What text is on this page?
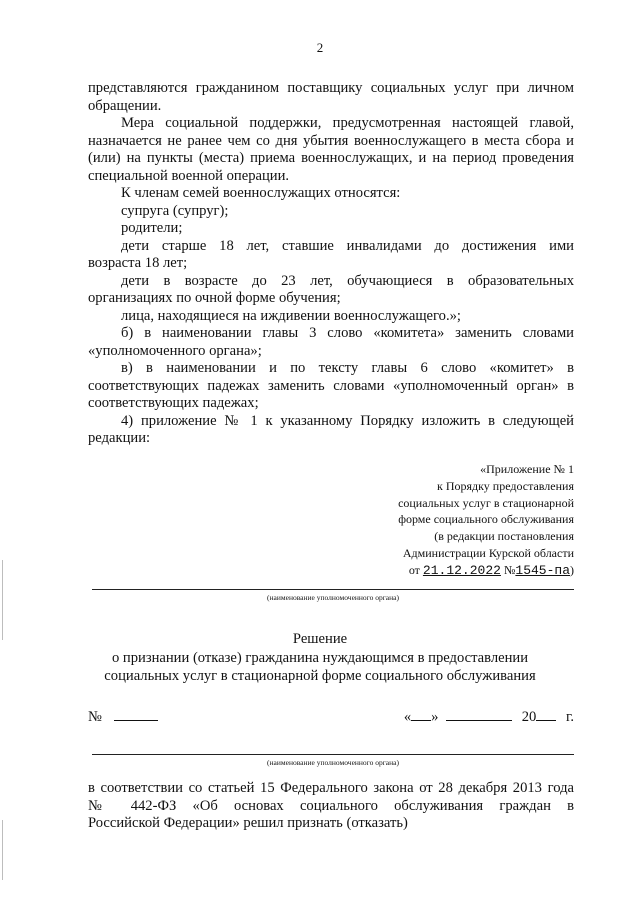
2
представляются гражданином поставщику социальных услуг при личном
обращении.
Мера социальной поддержки, предусмотренная настоящей главой,
назначается не ранее чем со дня убытия военнослужащего в места сбора и
(или) на пункты (места) приема военнослужащих, и на период проведения
специальной военной операции.
К членам семей военнослужащих относятся:
супруга (супруг);
родители;
дети старше 18 лет, ставшие инвалидами до достижения ими
возраста 18 лет;
дети в возрасте до 23 лет, обучающиеся в образовательных
организациях по очной форме обучения;
лица, находящиеся на иждивении военнослужащего.»;
б) в наименовании главы 3 слово «комитета» заменить словами
«уполномоченного органа»;
в) в наименовании и по тексту главы 6 слово «комитет» в
соответствующих падежах заменить словами «уполномоченный орган» в
соответствующих падежах;
4) приложение № 1 к указанному Порядку изложить в следующей
редакции:
«Приложение № 1
к Порядку предоставления
социальных услуг в стационарной
форме социального обслуживания
(в редакции постановления
Администрации Курской области
от 21.12.2022 №1545-па)
(наименование уполномоченного органа)
Решение
о признании (отказе) гражданина нуждающимся в предоставлении
социальных услуг в стационарной форме социального обслуживания
№	« »	20 г.
(наименование уполномоченного органа)
в соответствии со статьей 15 Федерального закона от 28 декабря 2013 года
№ 442-ФЗ «Об основах социального обслуживания граждан в
Российской Федерации» решил признать (отказать)
